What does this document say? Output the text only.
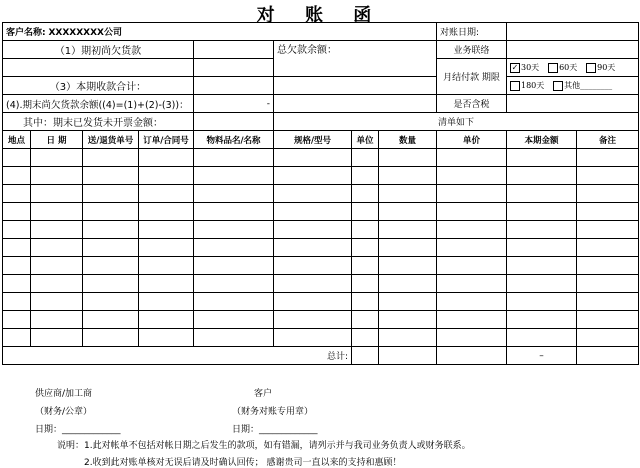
对 账 函
客户名称: XXXXXXXX公司								对账日期:		
（1）期初尚欠货款					总欠款余额：			业务联络		
								月结付款 期限	✓ 30天 60天 90天	
（3）本期收款合计：									180天 其他________	
(4).期末尚欠货款余额((4)=(1)+(2)-(3))：				-				是否含税		
其中：期末已发货未开票金额：					清单如下					
地点	日 期	送/退货单号	订单/合同号	物料品名/名称	规格/型号	单位	数量	单价	本期金额	备注

总计:									–	
供应商/加工商
（财务/公章）
日期：_____________
客户
（财务对账专用章）
日期：_____________
说明： 1.此对帐单不包括对帐日期之后发生的款项，如有错漏，请列示并与我司业务负责人或财务联系。
2.收到此对账单核对无误后请及时确认回传； 感谢贵司一直以来的支持和惠顾！
